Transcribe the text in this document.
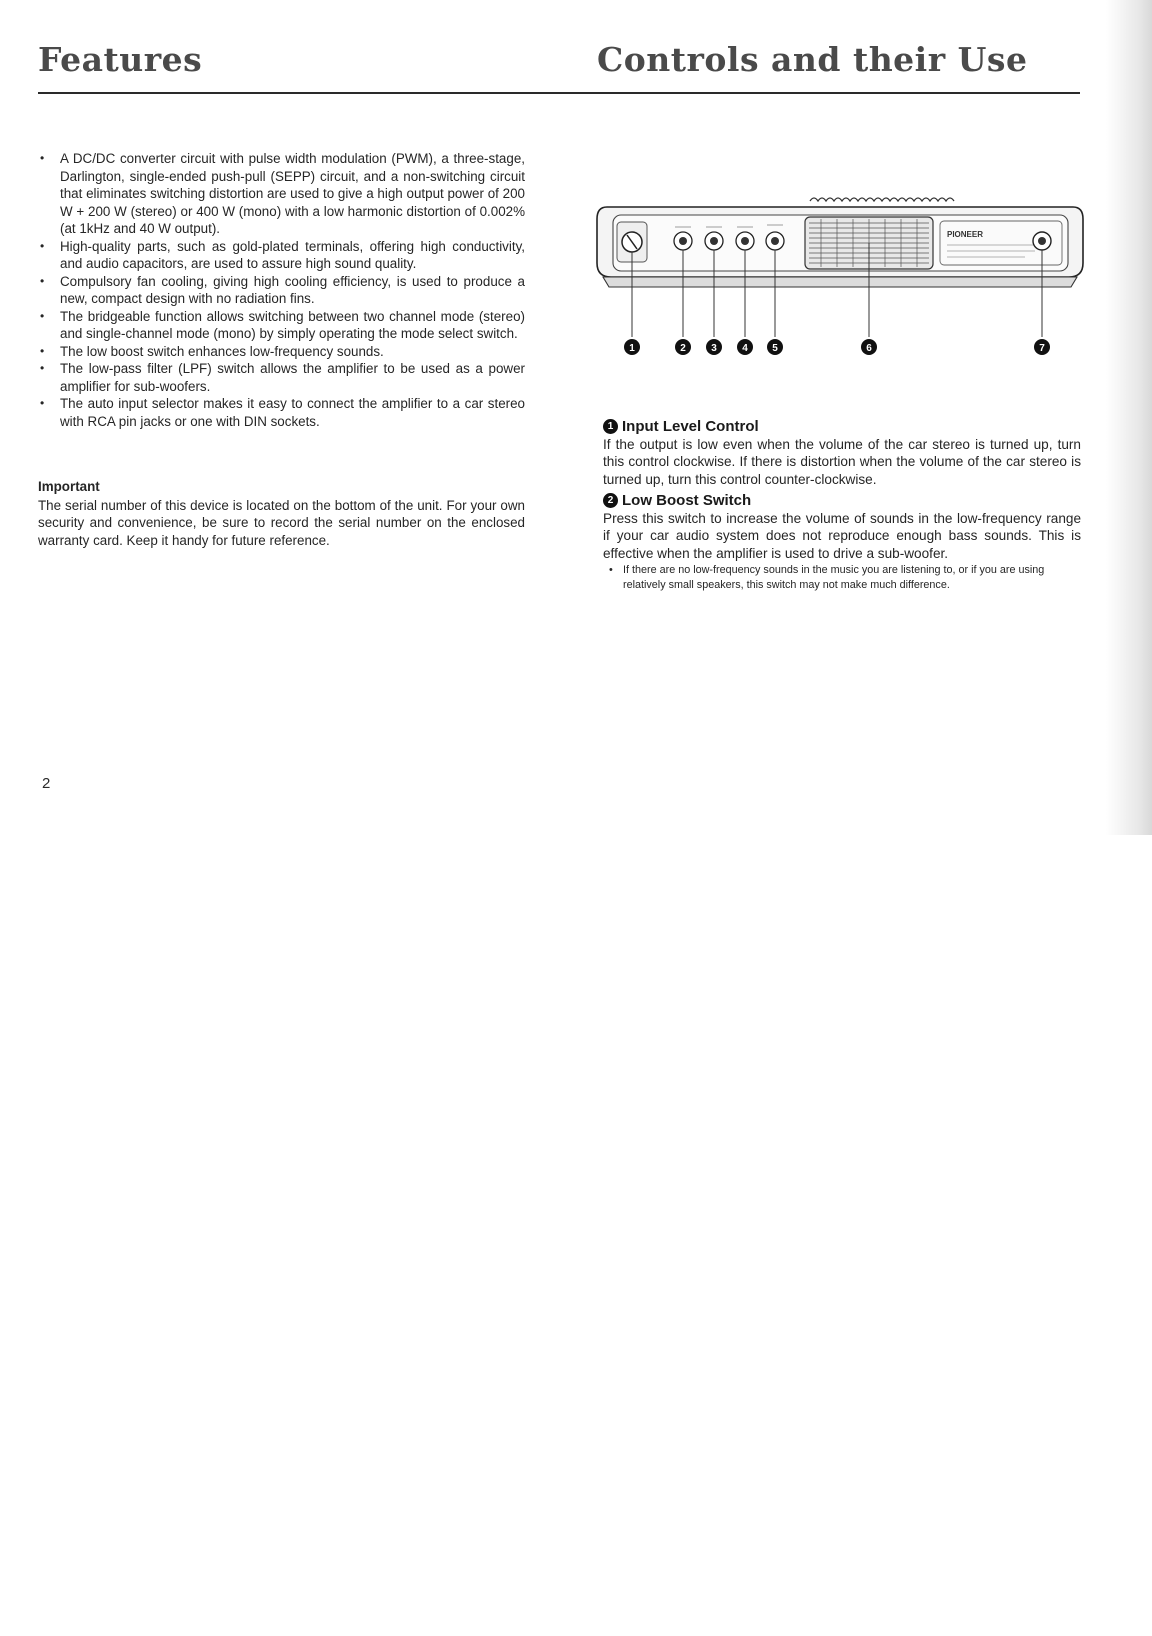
Features	Controls and their Use
• A DC/DC converter circuit with pulse width modulation (PWM), a three-stage, Darlington, single-ended push-pull (SEPP) circuit, and a non-switching circuit that eliminates switching distortion are used to give a high output power of 200 W + 200 W (stereo) or 400 W (mono) with a low harmonic distortion of 0.002% (at 1kHz and 40 W output).
• High-quality parts, such as gold-plated terminals, offering high conductivity, and audio capacitors, are used to assure high sound quality.
• Compulsory fan cooling, giving high cooling efficiency, is used to produce a new, compact design with no radiation fins.
• The bridgeable function allows switching between two channel mode (stereo) and single-channel mode (mono) by simply operating the mode select switch.
• The low boost switch enhances low-frequency sounds.
• The low-pass filter (LPF) switch allows the amplifier to be used as a power amplifier for sub-woofers.
• The auto input selector makes it easy to connect the amplifier to a car stereo with RCA pin jacks or one with DIN sockets.

Important

The serial number of this device is located on the bottom of the unit. For your own security and convenience, be sure to record the serial number on the enclosed warranty card. Keep it handy for future reference.

PIONEER
1	2	3	4 5	6	7

1 Input Level Control

If the output is low even when the volume of the car stereo is turned up, turn this control clockwise. If there is distortion when the volume of the car stereo is turned up, turn this control counter-clockwise.

2 Low Boost Switch

Press this switch to increase the volume of sounds in the low-frequency range if your car audio system does not reproduce enough bass sounds. This is effective when the amplifier is used to drive a sub-woofer.

• If there are no low-frequency sounds in the music you are listening to, or if you are using relatively small speakers, this switch may not make much difference.

2
